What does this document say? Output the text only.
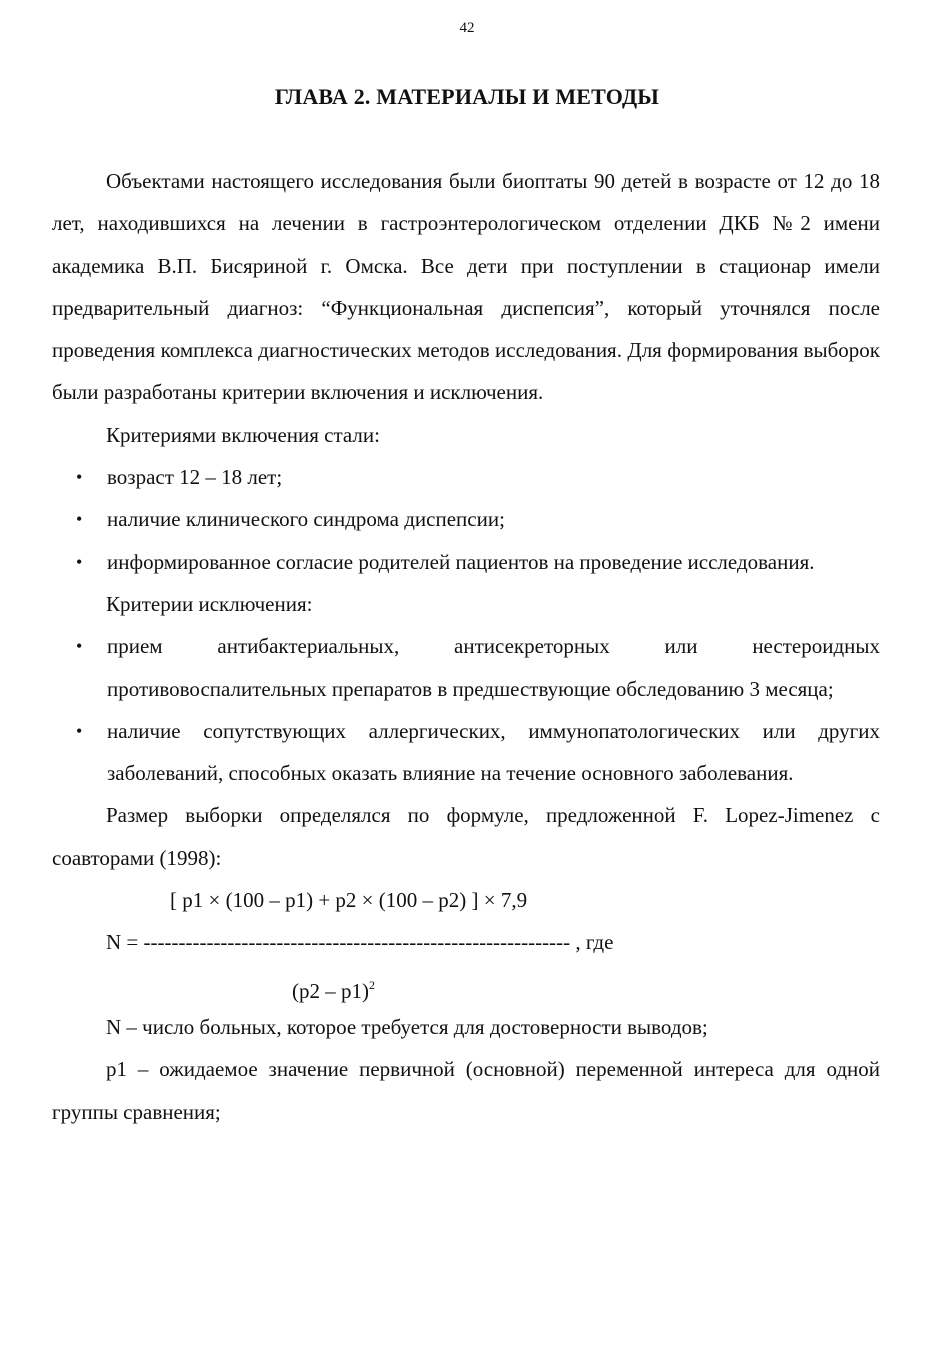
42
ГЛАВА 2. МАТЕРИАЛЫ И МЕТОДЫ

Объектами настоящего исследования были биоптаты 90 детей в возрасте от 12 до 18 лет, находившихся на лечении в гастроэнтерологическом отделении ДКБ №2 имени академика В.П. Бисяриной г. Омска. Все дети при поступлении в стационар имели предварительный диагноз: “Функциональная диспепсия”, который уточнялся после проведения комплекса диагностических методов исследования. Для формирования выборок были разработаны критерии включения и исключения.

Критериями включения стали:

• возраст 12 – 18 лет;
• наличие клинического синдрома диспепсии;
• информированное согласие родителей пациентов на проведение исследования.

Критерии исключения:

• прием антибактериальных, антисекреторных или нестероидных противовоспалительных препаратов в предшествующие обследованию 3 месяца;
• наличие сопутствующих аллергических, иммунопатологических или других заболеваний, способных оказать влияние на течение основного заболевания.

Размер выборки определялся по формуле, предложенной F. Lopez-Jimenez с соавторами (1998):

[ p1 × (100 – p1) + p2 × (100 – p2) ] × 7,9
N = ------------------------------------------------------------- , где
(p2 – p1)$^2$

N – число больных, которое требуется для достоверности выводов;

p1 – ожидаемое значение первичной (основной) переменной интереса для одной группы сравнения;
